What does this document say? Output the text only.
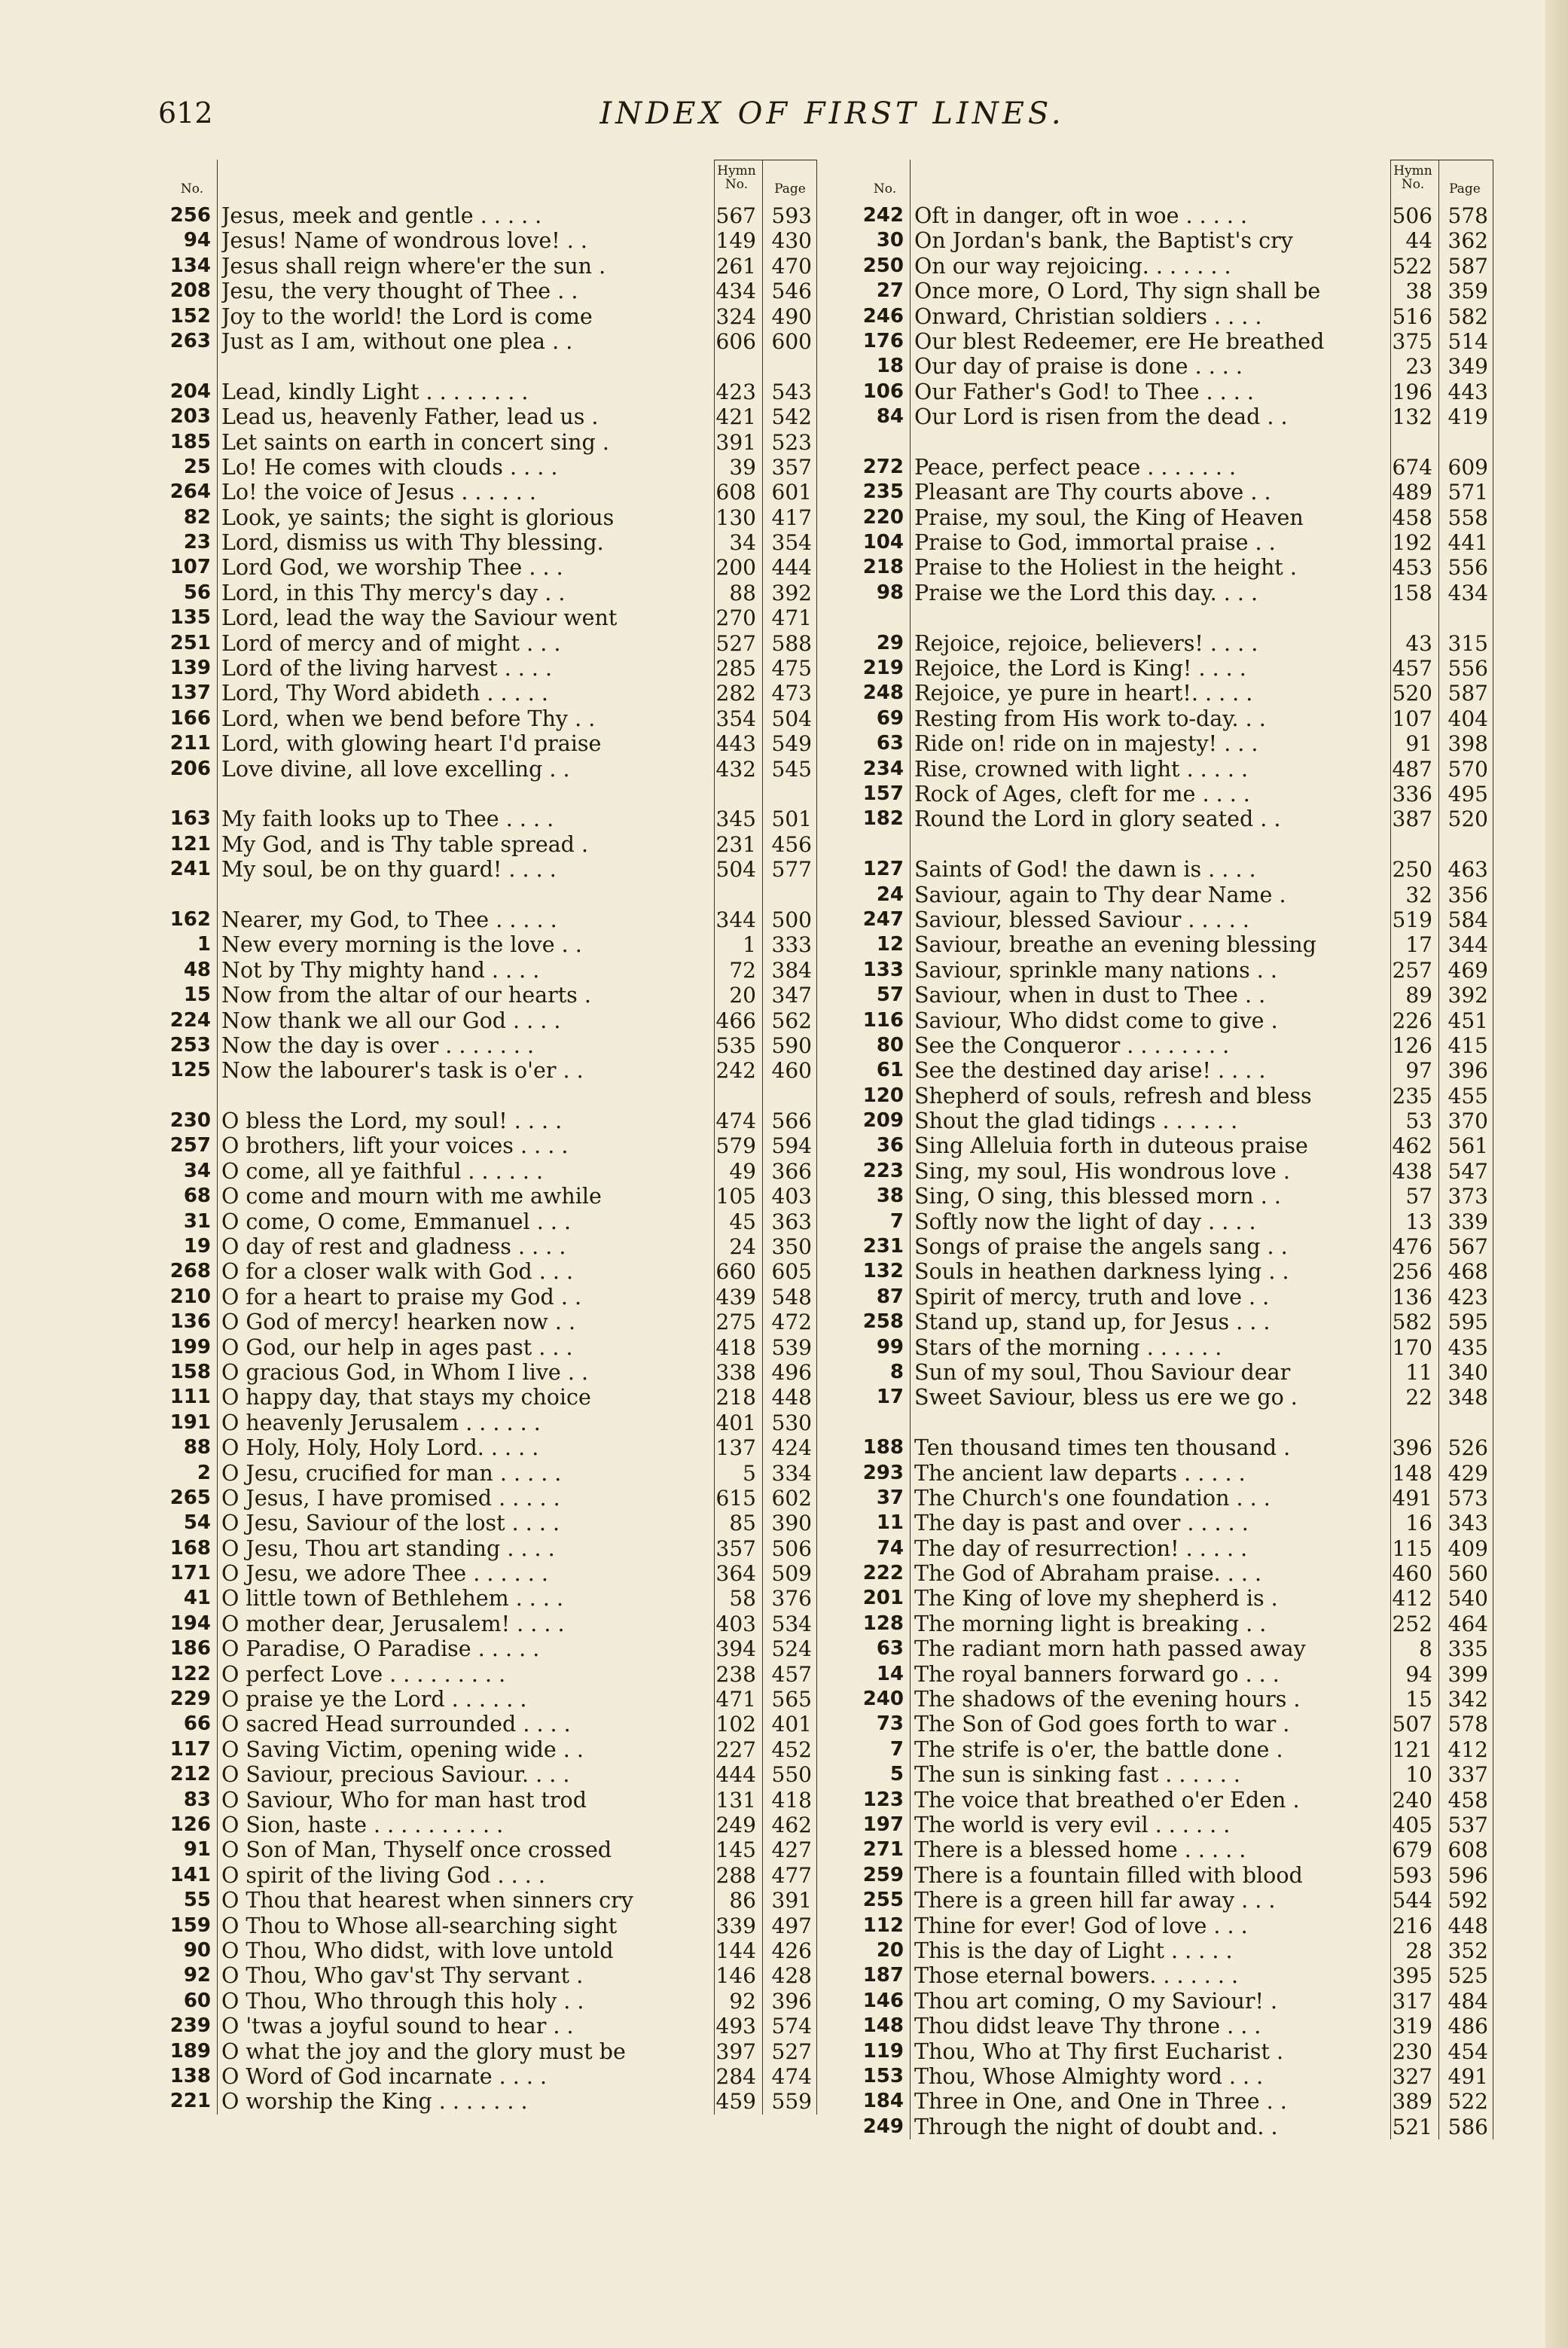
612	INDEX OF FIRST LINES.
No.
Hymn
No.	Page
256 Jesus, meek and gentle . . . . .	567 593
94 Jesus! Name of wondrous love! . .	149 430
134 Jesus shall reign where'er the sun .	261 470
208 Jesu, the very thought of Thee . .	434 546
152 Joy to the world! the Lord is come	324 490
263 Just as I am, without one plea . .	606 600
204 Lead, kindly Light . . . . . . . .	423 543
203 Lead us, heavenly Father, lead us .	421 542
185 Let saints on earth in concert sing .	391 523
25 Lo! He comes with clouds . . . .	39 357
264 Lo! the voice of Jesus . . . . . .	608 601
82 Look, ye saints; the sight is glorious	130 417
23 Lord, dismiss us with Thy blessing.	34 354
107 Lord God, we worship Thee . . .	200 444
56 Lord, in this Thy mercy's day . .	88 392
135 Lord, lead the way the Saviour went	270 471
251 Lord of mercy and of might . . .	527 588
139 Lord of the living harvest . . . .	285 475
137 Lord, Thy Word abideth . . . . .	282 473
166 Lord, when we bend before Thy . .	354 504
211 Lord, with glowing heart I'd praise	443 549
206 Love divine, all love excelling . .	432 545
163 My faith looks up to Thee . . . .	345 501
121 My God, and is Thy table spread .	231 456
241 My soul, be on thy guard! . . . .	504 577
162 Nearer, my God, to Thee . . . . .	344 500
1 New every morning is the love . .	1 333
48 Not by Thy mighty hand . . . .	72 384
15 Now from the altar of our hearts .	20 347
224 Now thank we all our God . . . .	466 562
253 Now the day is over . . . . . . .	535 590
125 Now the labourer's task is o'er . .	242 460
230 O bless the Lord, my soul! . . . .	474 566
257 O brothers, lift your voices . . . .	579 594
34 O come, all ye faithful . . . . . .	49 366
68 O come and mourn with me awhile	105 403
31 O come, O come, Emmanuel . . .	45 363
19 O day of rest and gladness . . . .	24 350
268 O for a closer walk with God . . .	660 605
210 O for a heart to praise my God . .	439 548
136 O God of mercy! hearken now . .	275 472
199 O God, our help in ages past . . .	418 539
158 O gracious God, in Whom I live . .	338 496
111 O happy day, that stays my choice	218 448
191 O heavenly Jerusalem . . . . . .	401 530
88 O Holy, Holy, Holy Lord. . . . .	137 424
2 O Jesu, crucified for man . . . . .	5 334
265 O Jesus, I have promised . . . . .	615 602
54 O Jesu, Saviour of the lost . . . .	85 390
168 O Jesu, Thou art standing . . . .	357 506
171 O Jesu, we adore Thee . . . . . .	364 509
41 O little town of Bethlehem . . . .	58 376
194 O mother dear, Jerusalem! . . . .	403 534
186 O Paradise, O Paradise . . . . .	394 524
122 O perfect Love . . . . . . . . .	238 457
229 O praise ye the Lord . . . . . .	471 565
66 O sacred Head surrounded . . . .	102 401
117 O Saving Victim, opening wide . .	227 452
212 O Saviour, precious Saviour. . . .	444 550
83 O Saviour, Who for man hast trod	131 418
126 O Sion, haste . . . . . . . . . .	249 462
91 O Son of Man, Thyself once crossed	145 427
141 O spirit of the living God . . . .	288 477
55 O Thou that hearest when sinners cry	86 391
159 O Thou to Whose all-searching sight	339 497
90 O Thou, Who didst, with love untold	144 426
92 O Thou, Who gav'st Thy servant .	146 428
60 O Thou, Who through this holy . .	92 396
239 O 'twas a joyful sound to hear . .	493 574
189 O what the joy and the glory must be	397 527
138 O Word of God incarnate . . . .	284 474
221 O worship the King . . . . . . .	459 559
No.
Hymn
No.	Page
242 Oft in danger, oft in woe . . . . .	506 578
30 On Jordan's bank, the Baptist's cry	44 362
250 On our way rejoicing. . . . . . .	522 587
27 Once more, O Lord, Thy sign shall be	38 359
246 Onward, Christian soldiers . . . .	516 582
176 Our blest Redeemer, ere He breathed	375 514
18 Our day of praise is done . . . .	23 349
106 Our Father's God! to Thee . . . .	196 443
84 Our Lord is risen from the dead . .	132 419
272 Peace, perfect peace . . . . . . .	674 609
235 Pleasant are Thy courts above . .	489 571
220 Praise, my soul, the King of Heaven	458 558
104 Praise to God, immortal praise . .	192 441
218 Praise to the Holiest in the height .	453 556
98 Praise we the Lord this day. . . .	158 434
29 Rejoice, rejoice, believers! . . . .	43 315
219 Rejoice, the Lord is King! . . . .	457 556
248 Rejoice, ye pure in heart!. . . . .	520 587
69 Resting from His work to-day. . .	107 404
63 Ride on! ride on in majesty! . . .	91 398
234 Rise, crowned with light . . . . .	487 570
157 Rock of Ages, cleft for me . . . .	336 495
182 Round the Lord in glory seated . .	387 520
127 Saints of God! the dawn is . . . .	250 463
24 Saviour, again to Thy dear Name .	32 356
247 Saviour, blessed Saviour . . . . .	519 584
12 Saviour, breathe an evening blessing	17 344
133 Saviour, sprinkle many nations . .	257 469
57 Saviour, when in dust to Thee . .	89 392
116 Saviour, Who didst come to give .	226 451
80 See the Conqueror . . . . . . . .	126 415
61 See the destined day arise! . . . .	97 396
120 Shepherd of souls, refresh and bless	235 455
209 Shout the glad tidings . . . . . .	53 370
36 Sing Alleluia forth in duteous praise	462 561
223 Sing, my soul, His wondrous love .	438 547
38 Sing, O sing, this blessed morn . .	57 373
7 Softly now the light of day . . . .	13 339
231 Songs of praise the angels sang . .	476 567
132 Souls in heathen darkness lying . .	256 468
87 Spirit of mercy, truth and love . .	136 423
258 Stand up, stand up, for Jesus . . .	582 595
99 Stars of the morning . . . . . .	170 435
8 Sun of my soul, Thou Saviour dear	11 340
17 Sweet Saviour, bless us ere we go .	22 348
188 Ten thousand times ten thousand .	396 526
293 The ancient law departs . . . . .	148 429
37 The Church's one foundation . . .	491 573
11 The day is past and over . . . . .	16 343
74 The day of resurrection! . . . . .	115 409
222 The God of Abraham praise. . . .	460 560
201 The King of love my shepherd is .	412 540
128 The morning light is breaking . .	252 464
63 The radiant morn hath passed away	8 335
14 The royal banners forward go . . .	94 399
240 The shadows of the evening hours .	15 342
73 The Son of God goes forth to war .	507 578
7 The strife is o'er, the battle done .	121 412
5 The sun is sinking fast . . . . . .	10 337
123 The voice that breathed o'er Eden .	240 458
197 The world is very evil . . . . . .	405 537
271 There is a blessed home . . . . .	679 608
259 There is a fountain filled with blood	593 596
255 There is a green hill far away . . .	544 592
112 Thine for ever! God of love . . .	216 448
20 This is the day of Light . . . . .	28 352
187 Those eternal bowers. . . . . . .	395 525
146 Thou art coming, O my Saviour! .	317 484
148 Thou didst leave Thy throne . . .	319 486
119 Thou, Who at Thy first Eucharist .	230 454
153 Thou, Whose Almighty word . . .	327 491
184 Three in One, and One in Three . .	389 522
249 Through the night of doubt and. .	521 586
